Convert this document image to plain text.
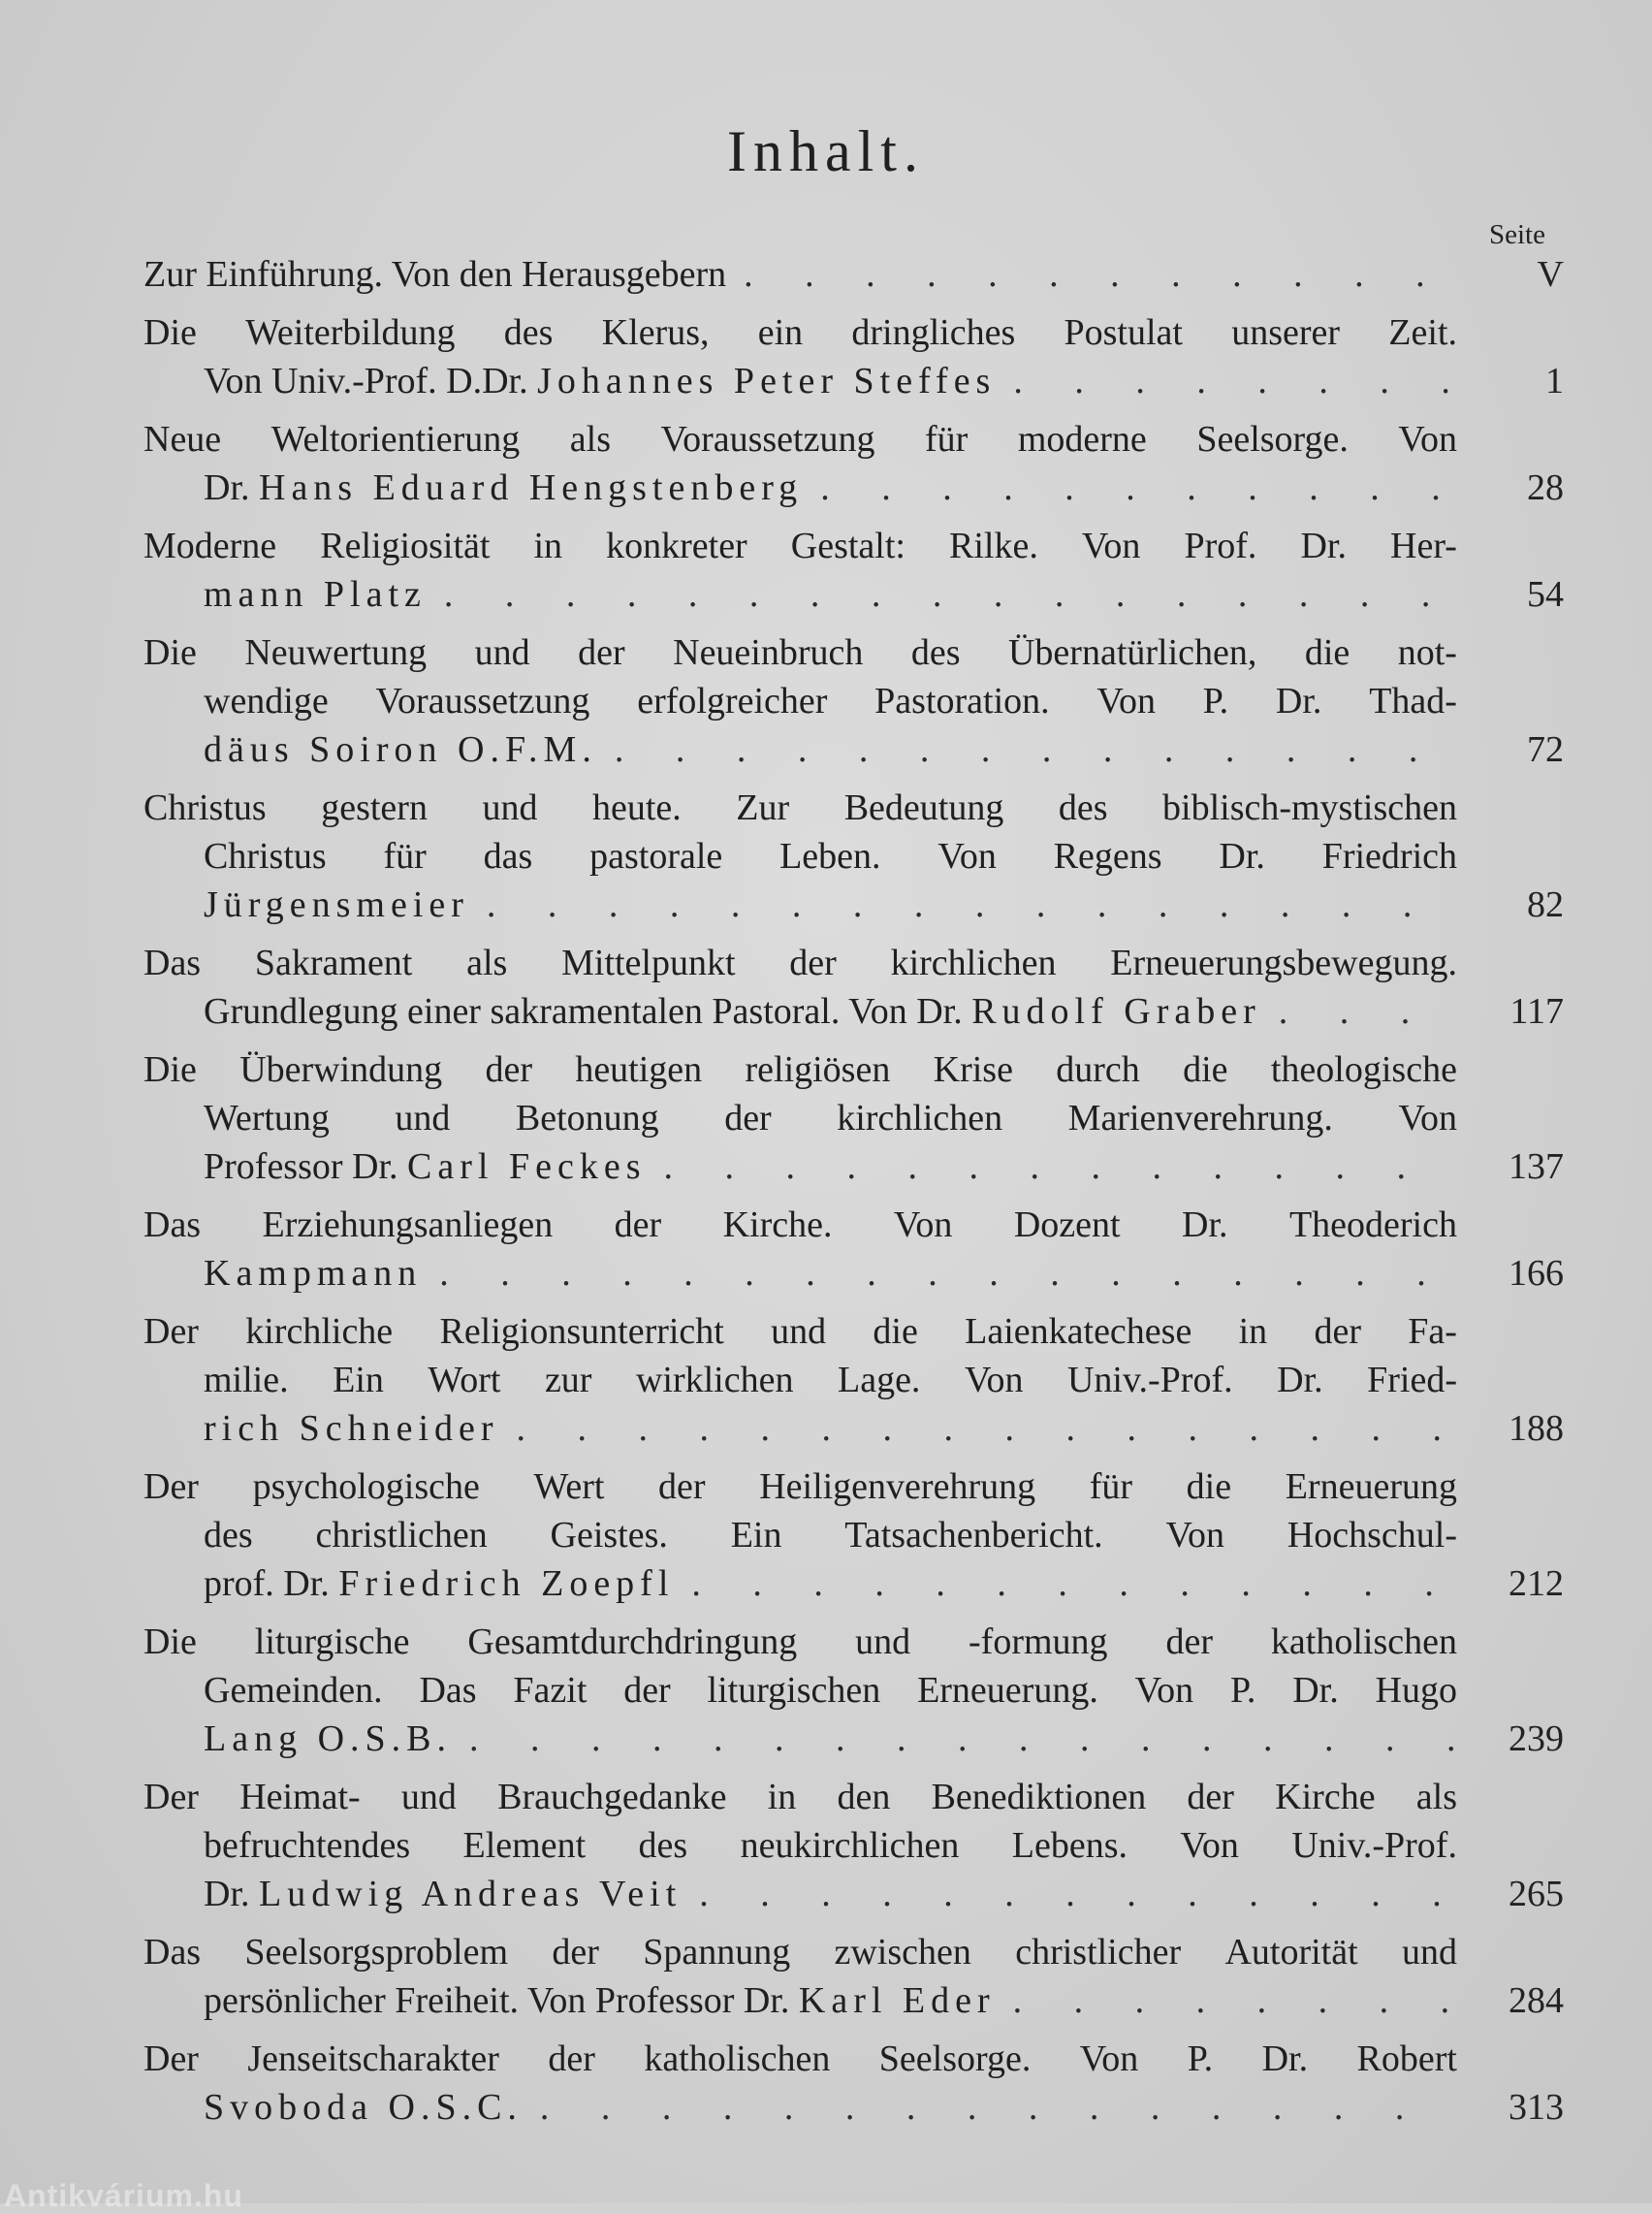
Inhalt.
Seite
Zur Einführung. Von den Herausgebern . . .	V
Die Weiterbildung des Klerus, ein dringliches Postulat unserer Zeit.
Von Univ.-Prof. D.Dr. Johannes Peter Steffes . . .	1
Neue Weltorientierung als Voraussetzung für moderne Seelsorge. Von
Dr. Hans Eduard Hengstenberg . . .	28
Moderne Religiosität in konkreter Gestalt: Rilke. Von Prof. Dr. Her-
mann Platz . . .	54
Die Neuwertung und der Neueinbruch des Übernatürlichen, die not-
wendige Voraussetzung erfolgreicher Pastoration. Von P. Dr. Thad-
däus Soiron O.F.M. . . .	72
Christus gestern und heute. Zur Bedeutung des biblisch-mystischen
Christus für das pastorale Leben. Von Regens Dr. Friedrich
Jürgensmeier . . .	82
Das Sakrament als Mittelpunkt der kirchlichen Erneuerungsbewegung.
Grundlegung einer sakramentalen Pastoral. Von Dr. Rudolf Graber . . .	117
Die Überwindung der heutigen religiösen Krise durch die theologische
Wertung und Betonung der kirchlichen Marienverehrung. Von
Professor Dr. Carl Feckes . . .	137
Das Erziehungsanliegen der Kirche. Von Dozent Dr. Theoderich
Kampmann . . .	166
Der kirchliche Religionsunterricht und die Laienkatechese in der Fa-
milie. Ein Wort zur wirklichen Lage. Von Univ.-Prof. Dr. Fried-
rich Schneider . . .	188
Der psychologische Wert der Heiligenverehrung für die Erneuerung
des christlichen Geistes. Ein Tatsachenbericht. Von Hochschul-
prof. Dr. Friedrich Zoepfl . . .	212
Die liturgische Gesamtdurchdringung und -formung der katholischen
Gemeinden. Das Fazit der liturgischen Erneuerung. Von P. Dr. Hugo
Lang O.S.B. . . .	239
Der Heimat- und Brauchgedanke in den Benediktionen der Kirche als
befruchtendes Element des neukirchlichen Lebens. Von Univ.-Prof.
Dr. Ludwig Andreas Veit . . .	265
Das Seelsorgsproblem der Spannung zwischen christlicher Autorität und
persönlicher Freiheit. Von Professor Dr. Karl Eder . . .	284
Der Jenseitscharakter der katholischen Seelsorge. Von P. Dr. Robert
Svoboda O.S.C. . . .	313
Antikvárium.hu
